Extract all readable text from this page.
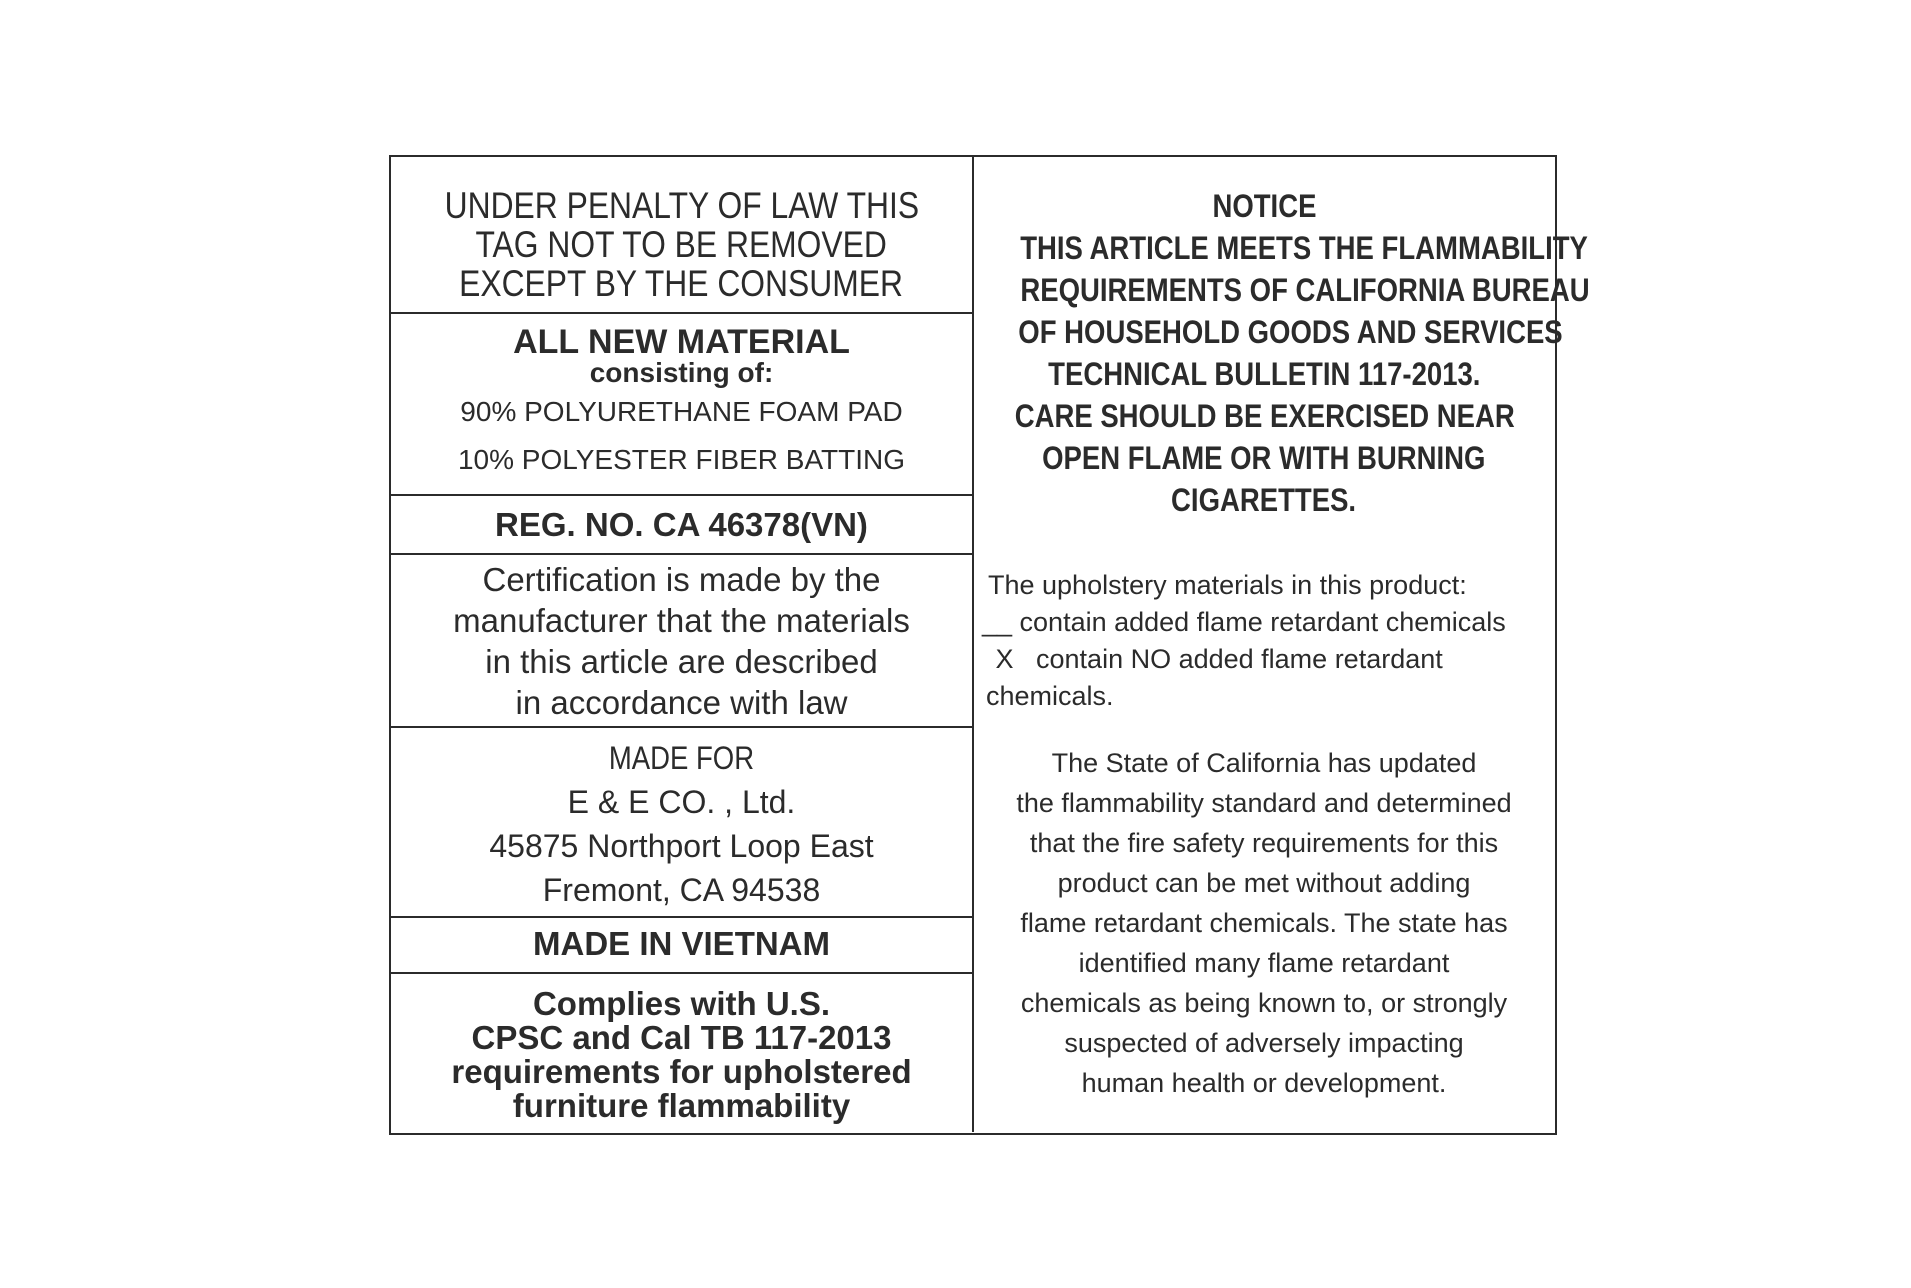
UNDER PENALTY OF LAW THIS
TAG NOT TO BE REMOVED
EXCEPT BY THE CONSUMER
ALL NEW MATERIAL
consisting of:
90% POLYURETHANE FOAM PAD
10% POLYESTER FIBER BATTING
REG. NO. CA 46378(VN)
Certification is made by the
manufacturer that the materials
in this article are described
in accordance with law
MADE FOR
E & E CO. , Ltd.
45875 Northport Loop East
Fremont, CA 94538
MADE IN VIETNAM
Complies with U.S.
CPSC and Cal TB 117-2013
requirements for upholstered
furniture flammability
NOTICE
THIS ARTICLE MEETS THE FLAMMABILITY
REQUIREMENTS OF CALIFORNIA BUREAU
OF HOUSEHOLD GOODS AND SERVICES
TECHNICAL BULLETIN 117-2013.
CARE SHOULD BE EXERCISED NEAR
OPEN FLAME OR WITH BURNING
CIGARETTES.
The upholstery materials in this product:
__ contain added flame retardant chemicals
X   contain NO added flame retardant
chemicals.
The State of California has updated
the flammability standard and determined
that the fire safety requirements for this
product can be met without adding
flame retardant chemicals. The state has
identified many flame retardant
chemicals as being known to, or strongly
suspected of adversely impacting
human health or development.
